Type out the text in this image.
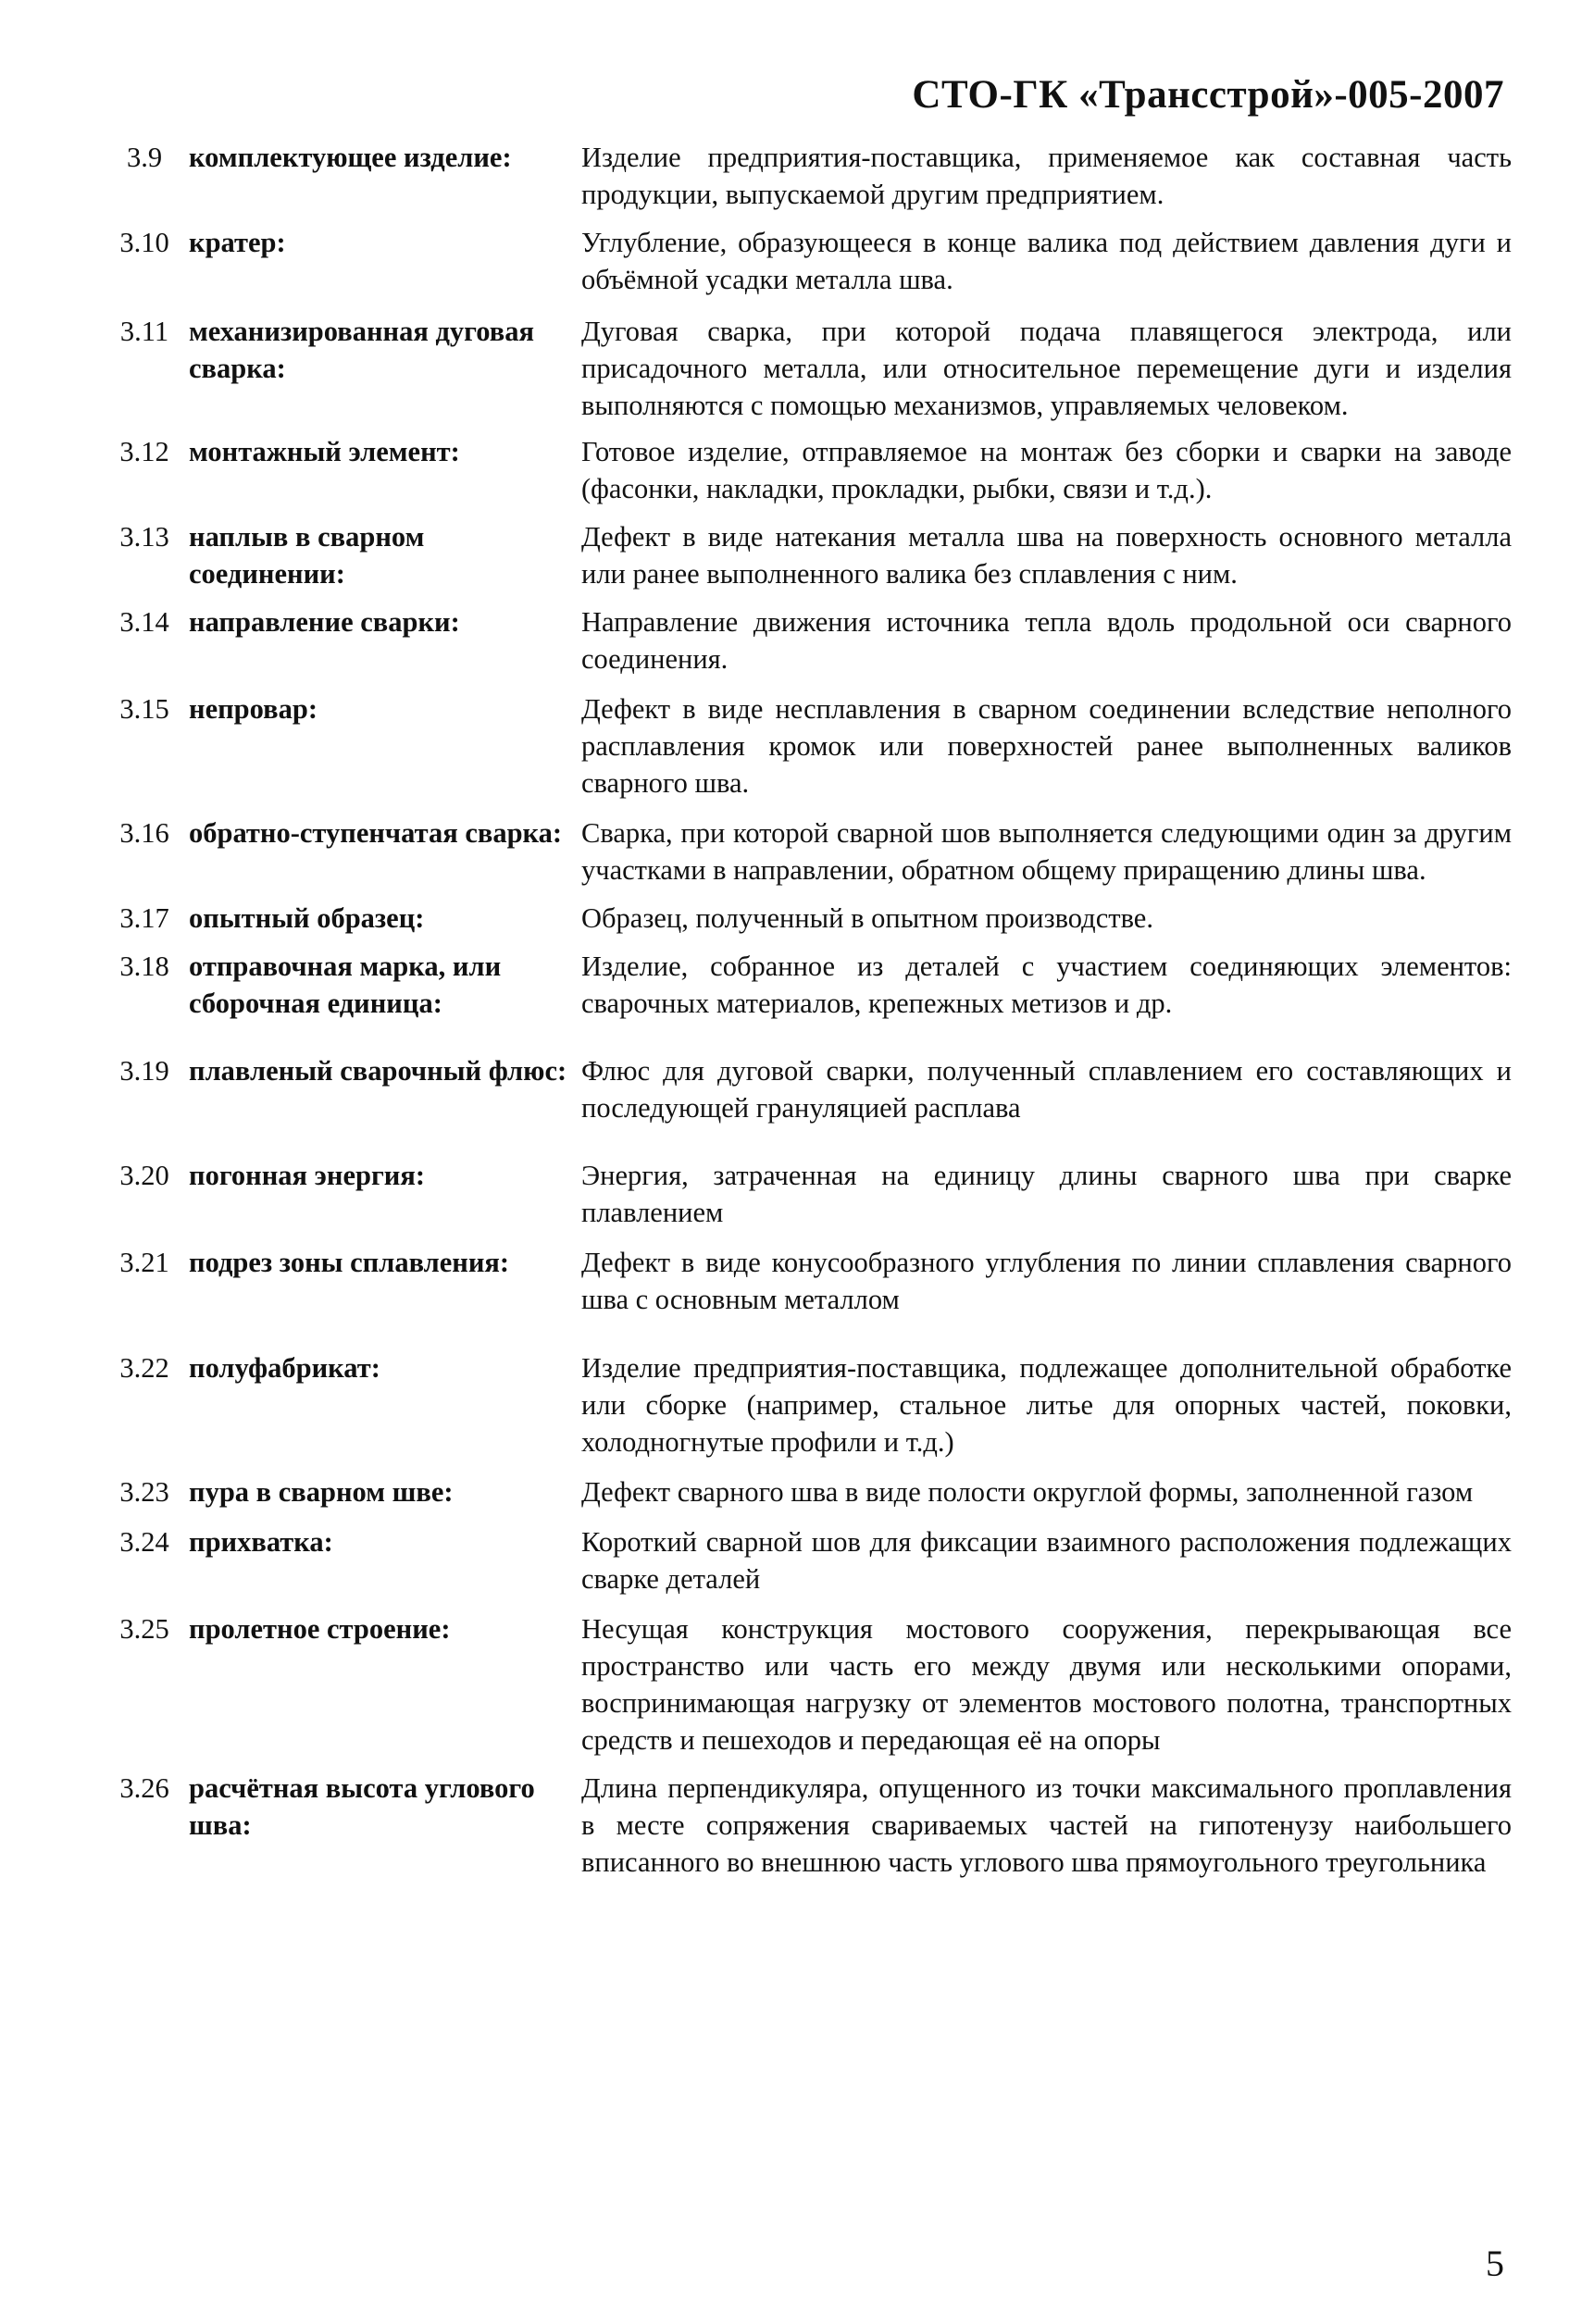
СТО-ГК «Трансстрой»-005-2007
3.9 комплектующее изделие:	Изделие предприятия-поставщика, применяемое как составная часть продукции, выпускаемой другим предприятием.
3.10 кратер:	Углубление, образующееся в конце валика под действием давления дуги и объёмной усадки металла шва.
3.11 механизированная дуговая сварка:
Дуговая сварка, при которой подача плавящегося электрода, или присадочного металла, или относительное перемещение дуги и изделия выполняются с помощью механизмов, управляемых человеком.
3.12 монтажный элемент:	Готовое изделие, отправляемое на монтаж без сборки и сварки на заводе (фасонки, накладки, прокладки, рыбки, связи и т.д.).
3.13 наплыв в сварном соединении:
Дефект в виде натекания металла шва на поверхность основного металла или ранее выполненного валика без сплавления с ним.
3.14 направление сварки:	Направление движения источника тепла вдоль продольной оси сварного соединения.
3.15 непровар:	Дефект в виде несплавления в сварном соединении вследствие неполного расплавления кромок или поверхностей ранее выполненных валиков сварного шва.
3.16 обратно-ступенчатая сварка: Сварка, при которой сварной шов выполняется следующими один за другим участками в направлении, обратном общему приращению длины шва.
3.17 опытный образец:	Образец, полученный в опытном производстве.
3.18 отправочная марка, или сборочная единица:
Изделие, собранное из деталей с участием соединяющих элементов: сварочных материалов, крепежных метизов и др.
3.19 плавленый сварочный флюс: Флюс для дуговой сварки, полученный сплавлением его составляющих и последующей грануляцией расплава
3.20 погонная энергия:	Энергия, затраченная на единицу длины сварного шва при сварке плавлением
3.21 подрез зоны сплавления:	Дефект в виде конусообразного углубления по линии сплавления сварного шва с основным металлом
3.22 полуфабрикат:	Изделие предприятия-поставщика, подлежащее дополнительной обработке или сборке (например, стальное литье для опорных частей, поковки, холодногнутые профили и т.д.)
3.23 пура в сварном шве:	Дефект сварного шва в виде полости округлой формы, заполненной газом
3.24 прихватка:	Короткий сварной шов для фиксации взаимного расположения подлежащих сварке деталей
3.25 пролетное строение:	Несущая конструкция мостового сооружения, перекрывающая все пространство или часть его между двумя или несколькими опорами, воспринимающая нагрузку от элементов мостового полотна, транспортных средств и пешеходов и передающая её на опоры
3.26 расчётная высота углового шва:
Длина перпендикуляра, опущенного из точки максимального проплавления в месте сопряжения свариваемых частей на гипотенузу наибольшего вписанного во внешнюю часть углового шва прямоугольного треугольника
5
